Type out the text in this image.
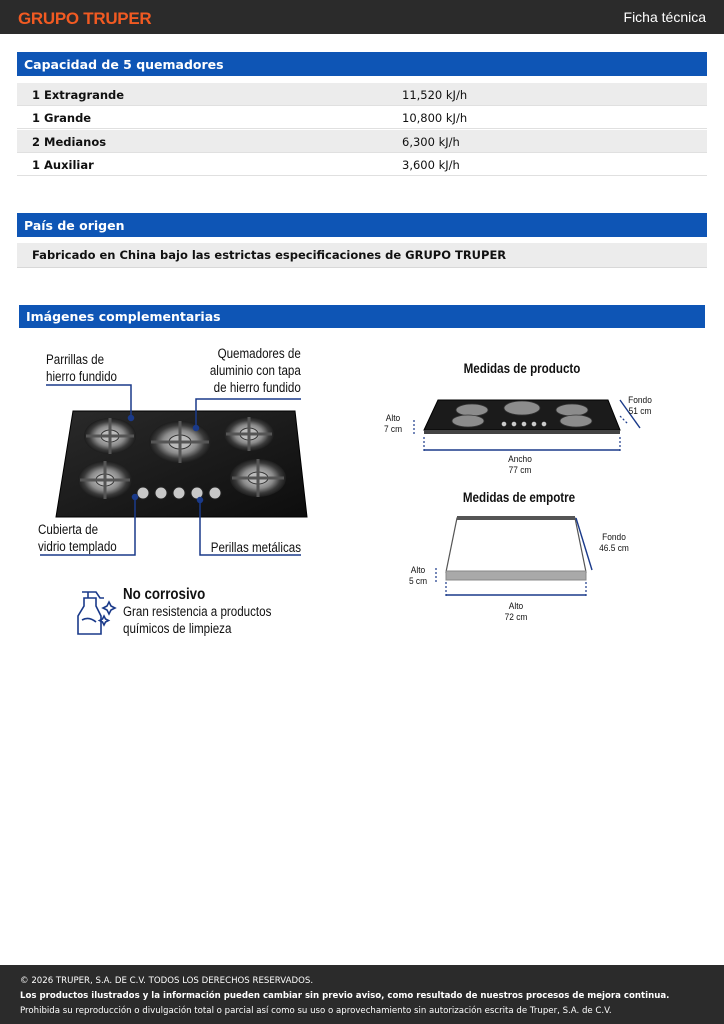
GRUPO TRUPER	Ficha técnica
Capacidad de 5 quemadores
1 Extragrande	11,520 kJ/h
1 Grande	10,800 kJ/h
2 Medianos	6,300 kJ/h
1 Auxiliar	3,600 kJ/h
País de origen
Fabricado en China bajo las estrictas especificaciones de GRUPO TRUPER
Imágenes complementarias
Parrillas de
hierro fundido
Quemadores de
aluminio con tapa
de hierro fundido
Cubierta de
vidrio templado	Perillas metálicas
No corrosivo
Gran resistencia a productos
químicos de limpieza
Medidas de producto
Alto
7 cm
Fondo
51 cm
Ancho
77 cm
Medidas de empotre
Alto
5 cm
Fondo
46.5 cm
Alto
72 cm
© 2026 TRUPER, S.A. DE C.V. TODOS LOS DERECHOS RESERVADOS.
Los productos ilustrados y la información pueden cambiar sin previo aviso, como resultado de nuestros procesos de mejora continua.
Prohibida su reproducción o divulgación total o parcial así como su uso o aprovechamiento sin autorización escrita de Truper, S.A. de C.V.
